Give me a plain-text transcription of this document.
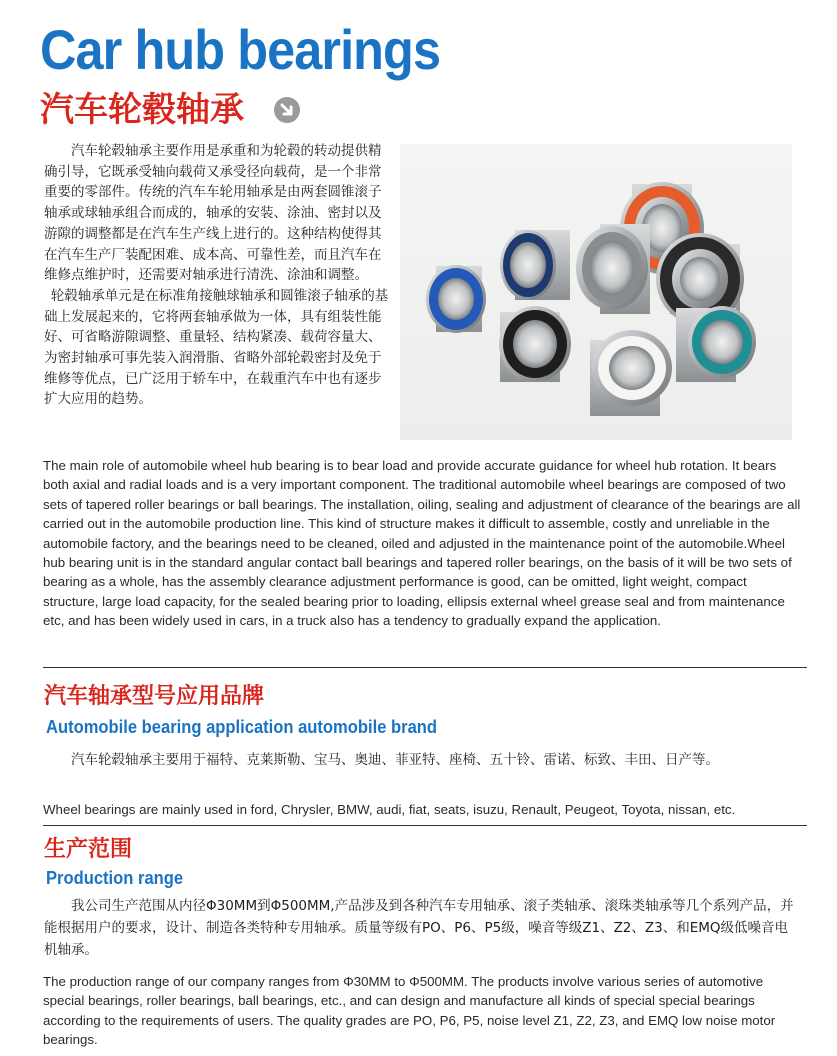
Car hub bearings
汽车轮毂轴承

汽车轮毂轴承主要作用是承重和为轮毂的转动提供精确引导，它既承受轴向载荷又承受径向载荷，是一个非常重要的零部件。传统的汽车车轮用轴承是由两套圆锥滚子轴承或球轴承组合而成的，轴承的安装、涂油、密封以及游隙的调整都是在汽车生产线上进行的。这种结构使得其在汽车生产厂装配困难、成本高、可靠性差，而且汽车在维修点维护时，还需要对轴承进行清洗、涂油和调整。

轮毂轴承单元是在标准角接触球轴承和圆锥滚子轴承的基础上发展起来的，它将两套轴承做为一体，具有组装性能好、可省略游隙调整、重量轻、结构紧凑、载荷容量大、为密封轴承可事先装入润滑脂、省略外部轮毂密封及免于维修等优点，已广泛用于轿车中，在载重汽车中也有逐步扩大应用的趋势。

The main role of automobile wheel hub bearing is to bear load and provide accurate guidance for wheel hub rotation. It bears both axial and radial loads and is a very important component. The traditional automobile wheel bearings are composed of two sets of tapered roller bearings or ball bearings. The installation, oiling, sealing and adjustment of clearance of the bearings are all carried out in the automobile production line. This kind of structure makes it difficult to assemble, costly and unreliable in the automobile factory, and the bearings need to be cleaned, oiled and adjusted in the maintenance point of the automobile.Wheel hub bearing unit is in the standard angular contact ball bearings and tapered roller bearings, on the basis of it will be two sets of bearing as a whole, has the assembly clearance adjustment performance is good, can be omitted, light weight, compact structure, large load capacity, for the sealed bearing prior to loading, ellipsis external wheel grease seal and from maintenance etc, and has been widely used in cars, in a truck also has a tendency to gradually expand the application.

汽车轴承型号应用品牌
Automobile bearing application automobile brand

汽车轮毂轴承主要用于福特、克莱斯勒、宝马、奥迪、菲亚特、座椅、五十铃、雷诺、标致、丰田、日产等。

Wheel bearings are mainly used in ford, Chrysler, BMW, audi, fiat, seats, isuzu, Renault, Peugeot, Toyota, nissan, etc.

生产范围
Production range

我公司生产范围从内径Φ30MM到Φ500MM,产品涉及到各种汽车专用轴承、滚子类轴承、滚珠类轴承等几个系列产品，并能根据用户的要求，设计、制造各类特种专用轴承。质量等级有PO、P6、P5级，噪音等级Z1、Z2、Z3、和EMQ级低噪音电机轴承。

The production range of our company ranges from Φ30MM to Φ500MM. The products involve various series of automotive special bearings, roller bearings, ball bearings, etc., and can design and manufacture all kinds of special special bearings according to the requirements of users. The quality grades are PO, P6, P5, noise level Z1, Z2, Z3, and EMQ low noise motor bearings.
